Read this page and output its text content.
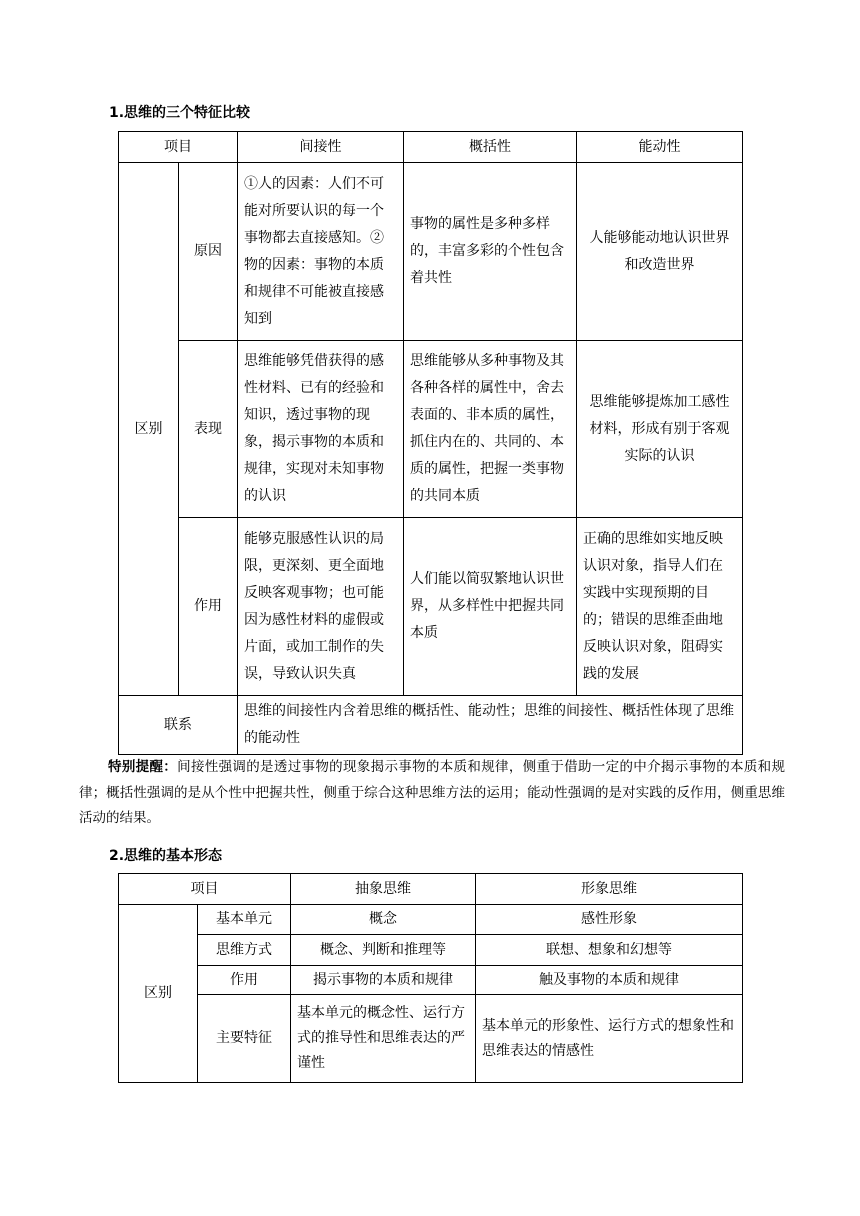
1.思维的三个特征比较
项目		间接性	概括性	能动性
区别	原因	①人的因素：人们不可能对所要认识的每一个事物都去直接感知。②物的因素：事物的本质和规律不可能被直接感知到	事物的属性是多种多样的，丰富多彩的个性包含着共性	人能够能动地认识世界和改造世界
	表现	思维能够凭借获得的感性材料、已有的经验和知识，透过事物的现象，揭示事物的本质和规律，实现对未知事物的认识	思维能够从多种事物及其各种各样的属性中，舍去表面的、非本质的属性，抓住内在的、共同的、本质的属性，把握一类事物的共同本质	思维能够提炼加工感性材料，形成有别于客观实际的认识
	作用	能够克服感性认识的局限，更深刻、更全面地反映客观事物；也可能因为感性材料的虚假或片面，或加工制作的失误，导致认识失真	人们能以简驭繁地认识世界，从多样性中把握共同本质	正确的思维如实地反映认识对象，指导人们在实践中实现预期的目的；错误的思维歪曲地反映认识对象，阻碍实践的发展
联系		思维的间接性内含着思维的概括性、能动性；思维的间接性、概括性体现了思维的能动性		
特别提醒：间接性强调的是透过事物的现象揭示事物的本质和规律，侧重于借助一定的中介揭示事物的本质和规律；概括性强调的是从个性中把握共性，侧重于综合这种思维方法的运用；能动性强调的是对实践的反作用，侧重思维活动的结果。
2.思维的基本形态
项目		抽象思维	形象思维
区别	基本单元	概念	感性形象
	思维方式	概念、判断和推理等	联想、想象和幻想等
	作用	揭示事物的本质和规律	触及事物的本质和规律
	主要特征	基本单元的概念性、运行方式的推导性和思维表达的严谨性	基本单元的形象性、运行方式的想象性和思维表达的情感性
